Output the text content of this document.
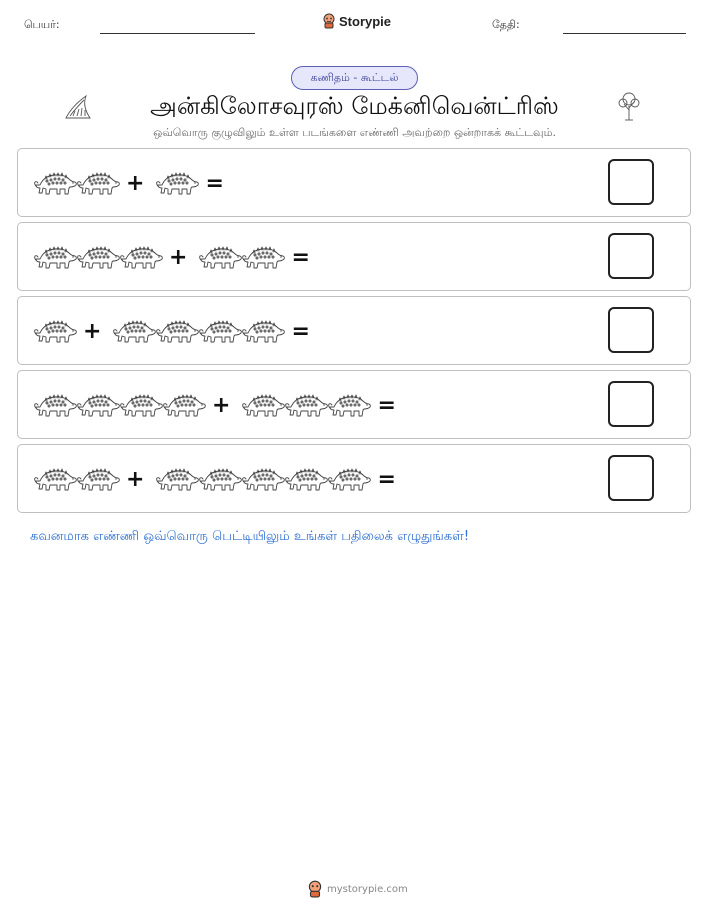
பெயர்:	Storypie	தேதி:
கணிதம் - கூட்டல்
அன்கிலோசவுரஸ் மேக்னிவென்ட்ரிஸ்
ஒவ்வொரு குழுவிலும் உள்ள படங்களை எண்ணி அவற்றை ஒன்றாகக் கூட்டவும்.
+	=
+	=
+	=
+	=
+	=
கவனமாக எண்ணி ஒவ்வொரு பெட்டியிலும் உங்கள் பதிலைக் எழுதுங்கள்!
mystorypie.com
